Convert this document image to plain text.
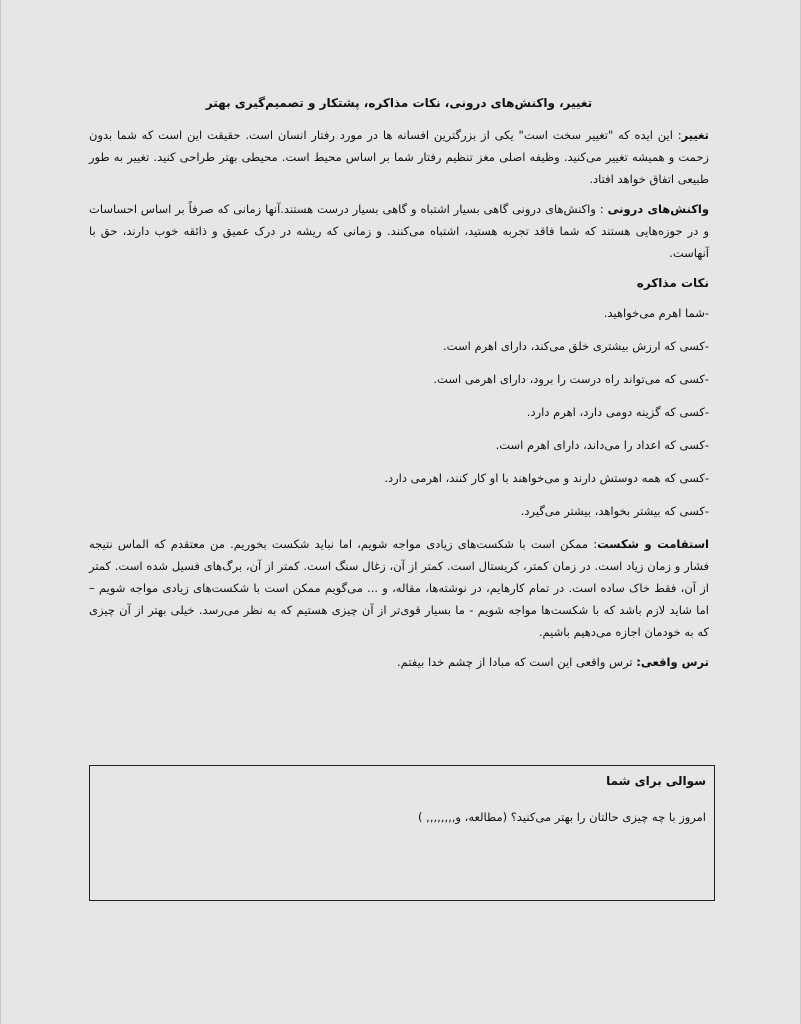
تغییر، واکنش‌های درونی، نکات مذاکره، پشتکار و تصمیم‌گیری بهتر

تغییر: این ایده که "تغییر سخت است" یکی از بزرگترین افسانه ها در مورد رفتار انسان است. حقیقت این است که شما بدون زحمت و همیشه تغییر می‌کنید. وظیفه اصلی مغز تنظیم رفتار شما بر اساس محیط است. محیطی بهتر طراحی کنید. تغییر به طور طبیعی اتفاق خواهد افتاد.

واکنش‌های درونی : واکنش‌های درونی گاهی بسیار اشتباه و گاهی بسیار درست هستند.آنها زمانی که صرفاً بر اساس احساسات و در حوزه‌هایی هستند که شما فاقد تجربه هستید، اشتباه می‌کنند. و زمانی که ریشه در درک عمیق و ذائقه خوب دارند، حق با آنهاست.

نکات مذاکره
-شما اهرم می‌خواهید.
-کسی که ارزش بیشتری خلق می‌کند، دارای اهرم است.
-کسی که می‌تواند راه درست را برود، دارای اهرمی است.
-کسی که گزینه دومی دارد، اهرم دارد.
-کسی که اعداد را می‌داند، دارای اهرم است.
-کسی که همه دوستش دارند و می‌خواهند با او کار کنند، اهرمی دارد.
-کسی که بیشتر بخواهد، بیشتر می‌گیرد.

استقامت و شکست: ممکن است با شکست‌های زیادی مواجه شویم، اما نباید شکست بخوریم. من معتقدم که الماس نتیجه فشار و زمان زیاد است. در زمان کمتر، کریستال است. کمتر از آن، زغال سنگ است. کمتر از آن، برگ‌های فسیل شده است. کمتر از آن، فقط خاک ساده است. در تمام کارهایم، در نوشته‌ها، مقاله، و ... می‌گویم ممکن است با شکست‌های زیادی مواجه شویم – اما شاید لازم باشد که با شکست‌ها مواجه شویم - ما بسیار قوی‌تر از آن چیزی هستیم که به نظر می‌رسد. خیلی بهتر از آن چیزی که به خودمان اجازه می‌دهیم باشیم.

ترس واقعی: ترس واقعی این است که مبادا از چشم خدا بیفتم.

سوالی برای شما
امروز با چه چیزی حالتان را بهتر می‌کنید؟ (مطالعه، و,,,,,,,, )
